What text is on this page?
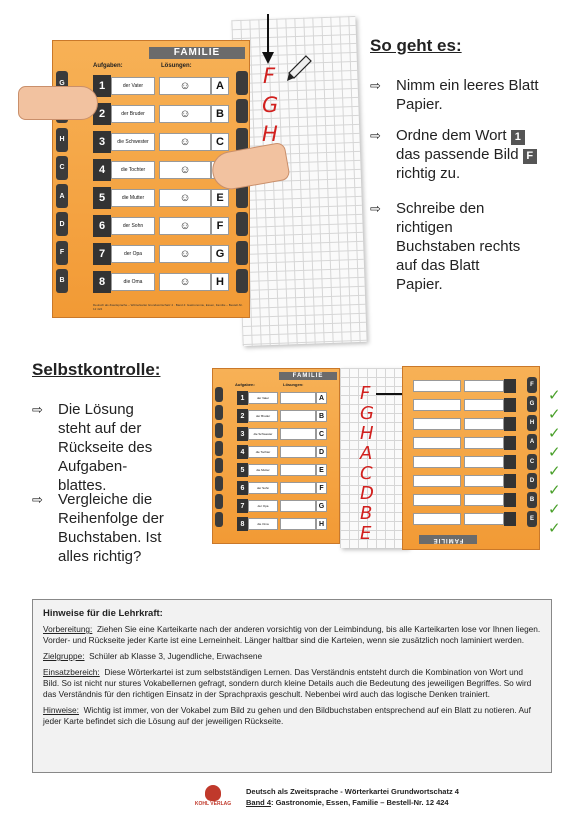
FAMILIE
Aufgaben:	Lösungen:
G
H
C
A
D
F
B
1	der Vater	☺	A
2	der Bruder	☺	B
3	die Schwester	☺	C
4	die Tochter	☺
5	die Mutter	☺	E
6	der Sohn	☺	F
7	der Opa	☺	G
8	die Oma	☺	H
Deutsch als Zweitsprache – Wörterkartei Grundwortschatz 4 · Band 4: Gastronomie, Essen, Familie – Bestell-Nr. 12 424
F
G
H
So geht es:
⇨	Nimm ein leeres Blatt Papier.
⇨	Ordne dem Wort 1
das passende Bild F
richtig zu.
⇨	Schreibe den richtigen Buchstaben rechts auf das Blatt Papier.
Selbstkontrolle:
⇨	Die Lösung steht auf der Rückseite des Aufgaben-blattes.
⇨	Vergleiche die Reihenfolge der Buchstaben. Ist alles richtig?
FAMILIE
Aufgaben:	Lösungen:
1	der Vater	A
2	der Bruder	B
3	die Schwester	C
4	die Tochter	D
5	die Mutter	E
6	der Sohn	F
7	der Opa	G
8	die Oma	H
F
G
H
A
C
D
B
E
F
G
H
A
C
D
B
E
FAMILIE
✓
✓
✓
✓
✓
✓
✓
✓
Hinweise für die Lehrkraft:

Vorbereitung: Ziehen Sie eine Karteikarte nach der anderen vorsichtig von der Leimbindung, bis alle Karteikarten lose vor Ihnen liegen. Vorder- und Rückseite jeder Karte ist eine Lerneinheit. Länger haltbar sind die Karteien, wenn sie zusätzlich noch laminiert werden.

Zielgruppe: Schüler ab Klasse 3, Jugendliche, Erwachsene

Einsatzbereich: Diese Wörterkartei ist zum selbstständigen Lernen. Das Verständnis entsteht durch die Kombination von Wort und Bild. So ist nicht nur stures Vokabellernen gefragt, sondern durch kleine Details auch die Bedeutung des jeweiligen Begriffes. So wird das Verständnis für den richtigen Einsatz in der Sprachpraxis geschult. Nebenbei wird auch das logische Denken trainiert.

Hinweise: Wichtig ist immer, von der Vokabel zum Bild zu gehen und den Bildbuchstaben entsprechend auf ein Blatt zu notieren. Auf jeder Karte befindet sich die Lösung auf der jeweiligen Rückseite.

KOHL VERLAG
Deutsch als Zweitsprache - Wörterkartei Grundwortschatz 4
Band 4: Gastronomie, Essen, Familie – Bestell-Nr. 12 424
